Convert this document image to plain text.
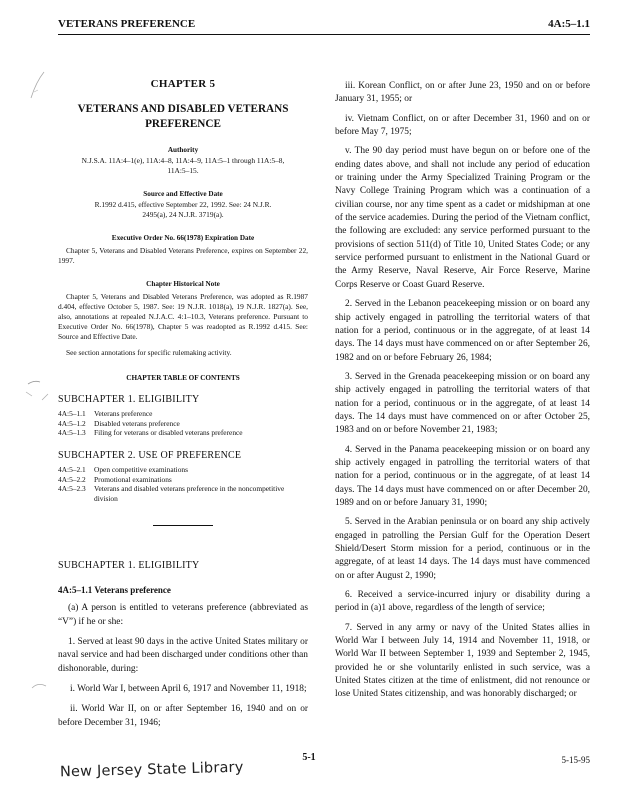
VETERANS PREFERENCE	4A:5–1.1
CHAPTER 5
VETERANS AND DISABLED VETERANS PREFERENCE
Authority
N.J.S.A. 11A:4–1(e), 11A:4–8, 11A:4–9, 11A:5–1 through 11A:5–8, 11A:5–15.
Source and Effective Date
R.1992 d.415, effective September 22, 1992. See: 24 N.J.R. 2495(a), 24 N.J.R. 3719(a).
Executive Order No. 66(1978) Expiration Date

Chapter 5, Veterans and Disabled Veterans Preference, expires on September 22, 1997.

Chapter Historical Note

Chapter 5, Veterans and Disabled Veterans Preference, was adopted as R.1987 d.404, effective October 5, 1987. See: 19 N.J.R. 1018(a), 19 N.J.R. 1827(a). See, also, annotations at repealed N.J.A.C. 4:1–10.3, Veterans preference. Pursuant to Executive Order No. 66(1978), Chapter 5 was readopted as R.1992 d.415. See: Source and Effective Date.

See section annotations for specific rulemaking activity.

CHAPTER TABLE OF CONTENTS
SUBCHAPTER 1. ELIGIBILITY
4A:5–1.1	Veterans preference
4A:5–1.2	Disabled veterans preference
4A:5–1.3	Filing for veterans or disabled veterans preference
SUBCHAPTER 2. USE OF PREFERENCE
4A:5–2.1	Open competitive examinations
4A:5–2.2	Promotional examinations
4A:5–2.3	Veterans and disabled veterans preference in the noncompetitive division
SUBCHAPTER 1. ELIGIBILITY
4A:5–1.1 Veterans preference

(a) A person is entitled to veterans preference (abbreviated as “V”) if he or she:

1. Served at least 90 days in the active United States military or naval service and had been discharged under conditions other than dishonorable, during:

i. World War I, between April 6, 1917 and November 11, 1918;

ii. World War II, on or after September 16, 1940 and on or before December 31, 1946;

iii. Korean Conflict, on or after June 23, 1950 and on or before January 31, 1955; or

iv. Vietnam Conflict, on or after December 31, 1960 and on or before May 7, 1975;

v. The 90 day period must have begun on or before one of the ending dates above, and shall not include any period of education or training under the Army Specialized Training Program or the Navy College Training Program which was a continuation of a civilian course, nor any time spent as a cadet or midshipman at one of the service academies. During the period of the Vietnam conflict, the following are excluded: any service performed pursuant to the provisions of section 511(d) of Title 10, United States Code; or any service performed pursuant to enlistment in the National Guard or the Army Reserve, Naval Reserve, Air Force Reserve, Marine Corps Reserve or Coast Guard Reserve.

2. Served in the Lebanon peacekeeping mission or on board any ship actively engaged in patrolling the territorial waters of that nation for a period, continuous or in the aggregate, of at least 14 days. The 14 days must have commenced on or after September 26, 1982 and on or before February 26, 1984;

3. Served in the Grenada peacekeeping mission or on board any ship actively engaged in patrolling the territorial waters of that nation for a period, continuous or in the aggregate, of at least 14 days. The 14 days must have commenced on or after October 25, 1983 and on or before November 21, 1983;

4. Served in the Panama peacekeeping mission or on board any ship actively engaged in patrolling the territorial waters of that nation for a period, continuous or in the aggregate, of at least 14 days. The 14 days must have commenced on or after December 20, 1989 and on or before January 31, 1990;

5. Served in the Arabian peninsula or on board any ship actively engaged in patrolling the Persian Gulf for the Operation Desert Shield/Desert Storm mission for a period, continuous or in the aggregate, of at least 14 days. The 14 days must have commenced on or after August 2, 1990;

6. Received a service-incurred injury or disability during a period in (a)1 above, regardless of the length of service;

7. Served in any army or navy of the United States allies in World War I between July 14, 1914 and November 11, 1918, or World War II between September 1, 1939 and September 2, 1945, provided he or she voluntarily enlisted in such service, was a United States citizen at the time of enlistment, did not renounce or lose United States citizenship, and was honorably discharged; or

5-1	5-15-95
New Jersey State Library
